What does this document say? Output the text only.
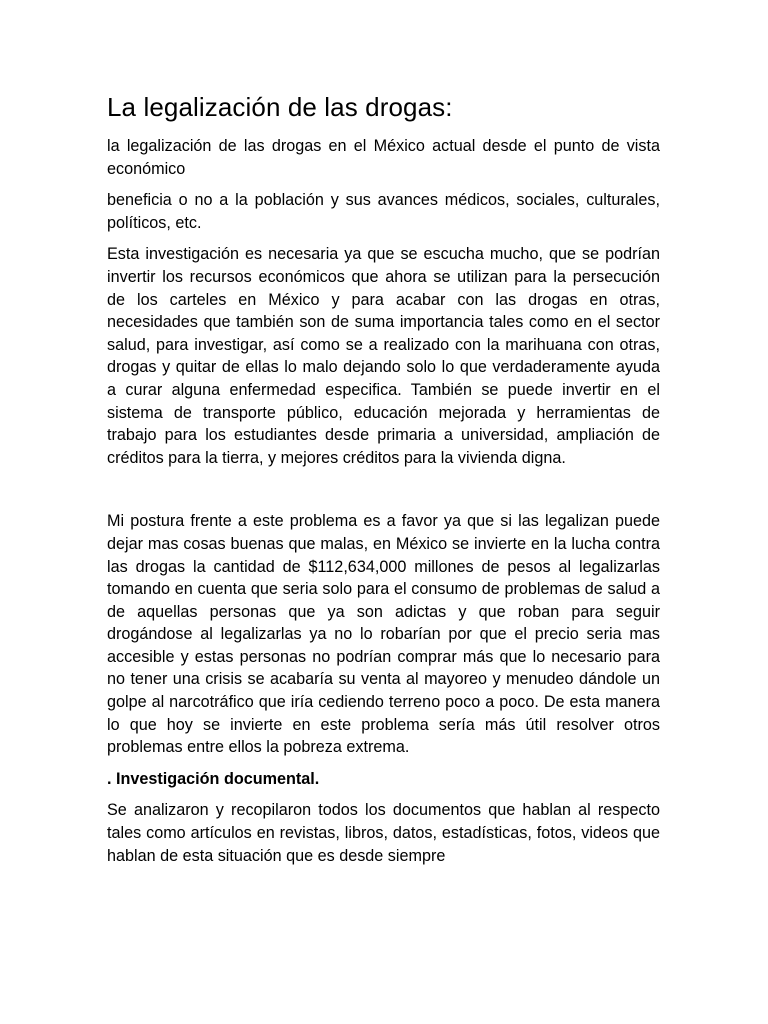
La legalización de las drogas:

la legalización de las drogas en el México actual desde el punto de vista económico

beneficia o no a la población y sus avances médicos, sociales, culturales, políticos, etc.

Esta investigación es necesaria ya que se escucha mucho, que se podrían invertir los recursos económicos que ahora se utilizan para la persecución de los carteles en México y para acabar con las drogas en otras, necesidades que también son de suma importancia tales como en el sector salud, para investigar, así como se a realizado con la marihuana con otras, drogas y quitar de ellas lo malo dejando solo lo que verdaderamente ayuda a curar alguna enfermedad especifica. También se puede invertir en el sistema de transporte público, educación mejorada y herramientas de trabajo para los estudiantes desde primaria a universidad, ampliación de créditos para la tierra, y mejores créditos para la vivienda digna.

Mi postura frente a este problema es a favor ya que si las legalizan puede dejar mas cosas buenas que malas, en México se invierte en la lucha contra las drogas la cantidad de $112,634,000 millones de pesos al legalizarlas tomando en cuenta que seria solo para el consumo de problemas de salud a de aquellas personas que ya son adictas y que roban para seguir drogándose al legalizarlas ya no lo robarían por que el precio seria mas accesible y estas personas no podrían comprar más que lo necesario para no tener una crisis se acabaría su venta al mayoreo y menudeo dándole un golpe al narcotráfico que iría cediendo terreno poco a poco. De esta manera lo que hoy se invierte en este problema sería más útil resolver otros problemas entre ellos la pobreza extrema.

. Investigación documental.

Se analizaron y recopilaron todos los documentos que hablan al respecto tales como artículos en revistas, libros, datos, estadísticas, fotos, videos que hablan de esta situación que es desde siempre
